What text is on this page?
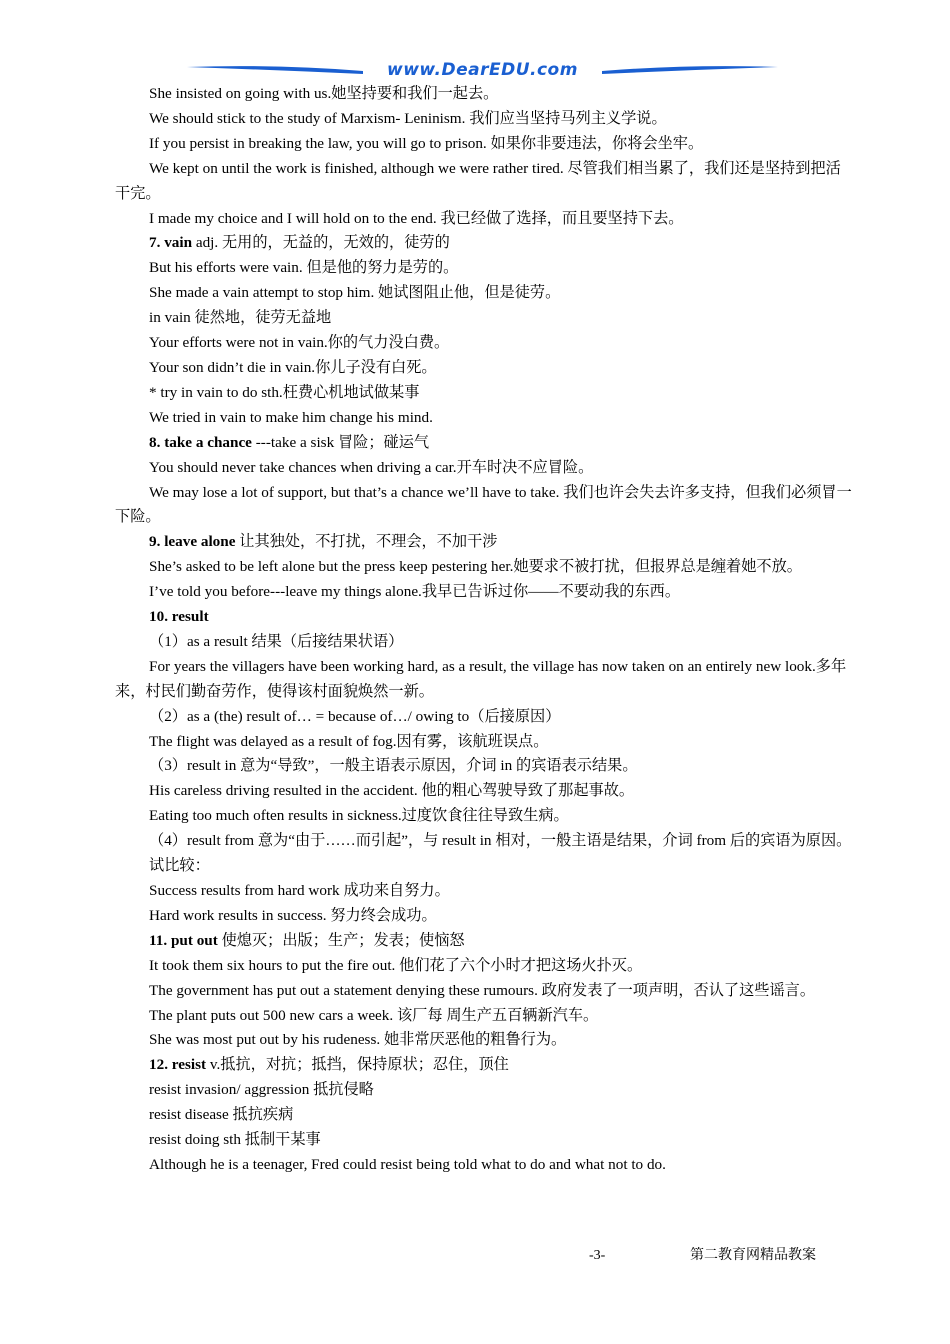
www.DearEDU.com

She insisted on going with us.她坚持要和我们一起去。

We should stick to the study of Marxism- Leninism. 我们应当坚持马列主义学说。

If you persist in breaking the law, you will go to prison. 如果你非要违法，你将会坐牢。

We kept on until the work is finished, although we were rather tired. 尽管我们相当累了，我们还是坚持到把活干完。

I made my choice and I will hold on to the end. 我已经做了选择，而且要坚持下去。

7. vain adj. 无用的，无益的，无效的，徒劳的

But his efforts were vain. 但是他的努力是劳的。

She made a vain attempt to stop him. 她试图阻止他，但是徒劳。

in vain 徒然地，徒劳无益地

Your efforts were not in vain.你的气力没白费。

Your son didn’t die in vain.你儿子没有白死。

* try in vain to do sth.枉费心机地试做某事

We tried in vain to make him change his mind.

8. take a chance ---take a sisk 冒险；碰运气

You should never take chances when driving a car.开车时决不应冒险。

We may lose a lot of support, but that’s a chance we’ll have to take. 我们也许会失去许多支持，但我们必须冒一下险。

9. leave alone 让其独处，不打扰，不理会，不加干涉

She’s asked to be left alone but the press keep pestering her.她要求不被打扰，但报界总是缠着她不放。

I’ve told you before---leave my things alone.我早已告诉过你——不要动我的东西。

10. result

（1）as a result 结果（后接结果状语）

For years the villagers have been working hard, as a result, the village has now taken on an entirely new look.多年来，村民们勤奋劳作，使得该村面貌焕然一新。

（2）as a (the) result of… = because of…/ owing to（后接原因）

The flight was delayed as a result of fog.因有雾，该航班误点。

（3）result in 意为“导致”，一般主语表示原因，介词 in 的宾语表示结果。

His careless driving resulted in the accident. 他的粗心驾驶导致了那起事故。

Eating too much often results in sickness.过度饮食往往导致生病。

（4）result from 意为“由于……而引起”，与 result in 相对，一般主语是结果，介词 from 后的宾语为原因。

试比较：

Success results from hard work 成功来自努力。

Hard work results in success. 努力终会成功。

11. put out 使熄灭；出版；生产；发表；使恼怒

It took them six hours to put the fire out. 他们花了六个小时才把这场火扑灭。

The government has put out a statement denying these rumours. 政府发表了一项声明，否认了这些谣言。

The plant puts out 500 new cars a week. 该厂每 周生产五百辆新汽车。

She was most put out by his rudeness. 她非常厌恶他的粗鲁行为。

12. resist v.抵抗，对抗；抵挡，保持原状；忍住，顶住

resist invasion/ aggression 抵抗侵略

resist disease 抵抗疾病

resist doing sth 抵制干某事

Although he is a teenager, Fred could resist being told what to do and what not to do.

-3-	第二教育网精品教案
